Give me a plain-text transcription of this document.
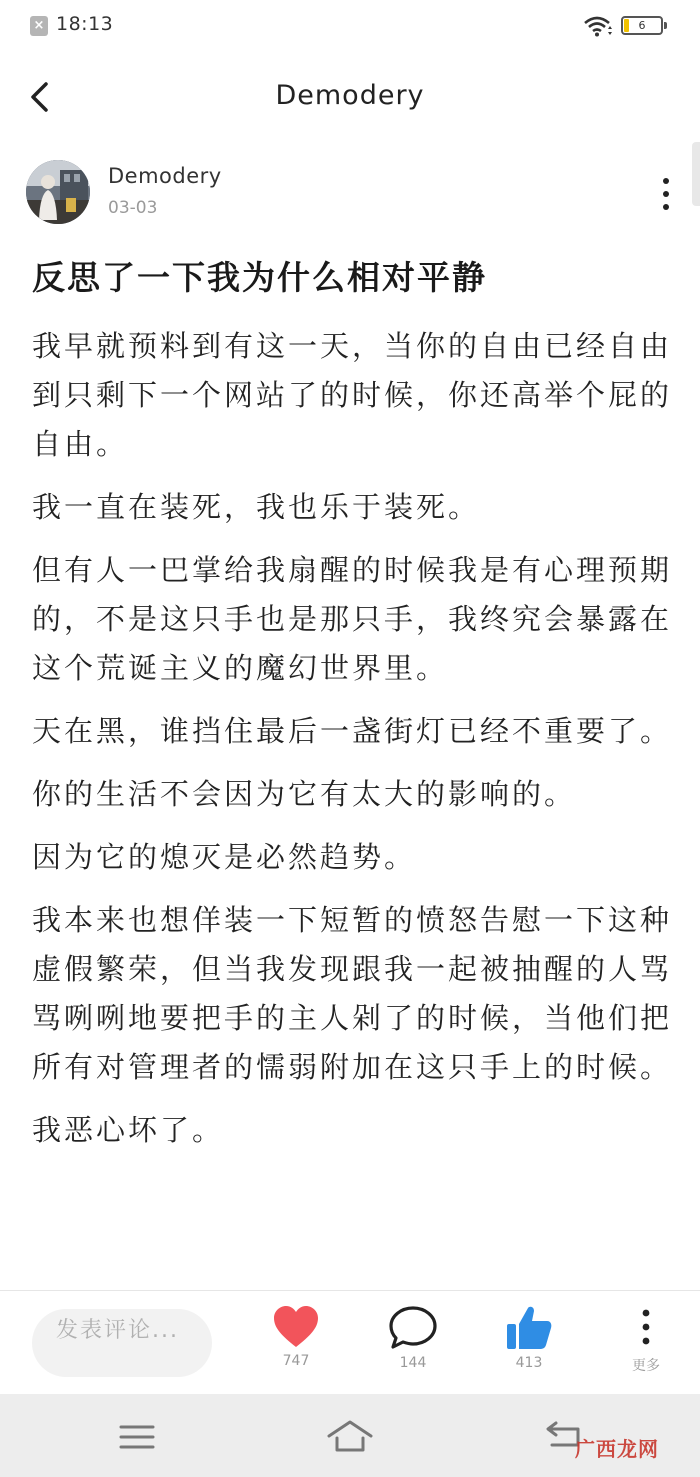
× 18:13	6
Demodery
Demodery
03-03
反思了一下我为什么相对平静

我早就预料到有这一天，当你的自由已经自由到只剩下一个网站了的时候，你还高举个屁的自由。

我一直在装死，我也乐于装死。

但有人一巴掌给我扇醒的时候我是有心理预期的，不是这只手也是那只手，我终究会暴露在这个荒诞主义的魔幻世界里。

天在黑，谁挡住最后一盏街灯已经不重要了。

你的生活不会因为它有太大的影响的。

因为它的熄灭是必然趋势。

我本来也想佯装一下短暂的愤怒告慰一下这种虚假繁荣，但当我发现跟我一起被抽醒的人骂骂咧咧地要把手的主人剁了的时候，当他们把所有对管理者的懦弱附加在这只手上的时候。

我恶心坏了。

发表评论...
747	144	413	更多
广西龙网
